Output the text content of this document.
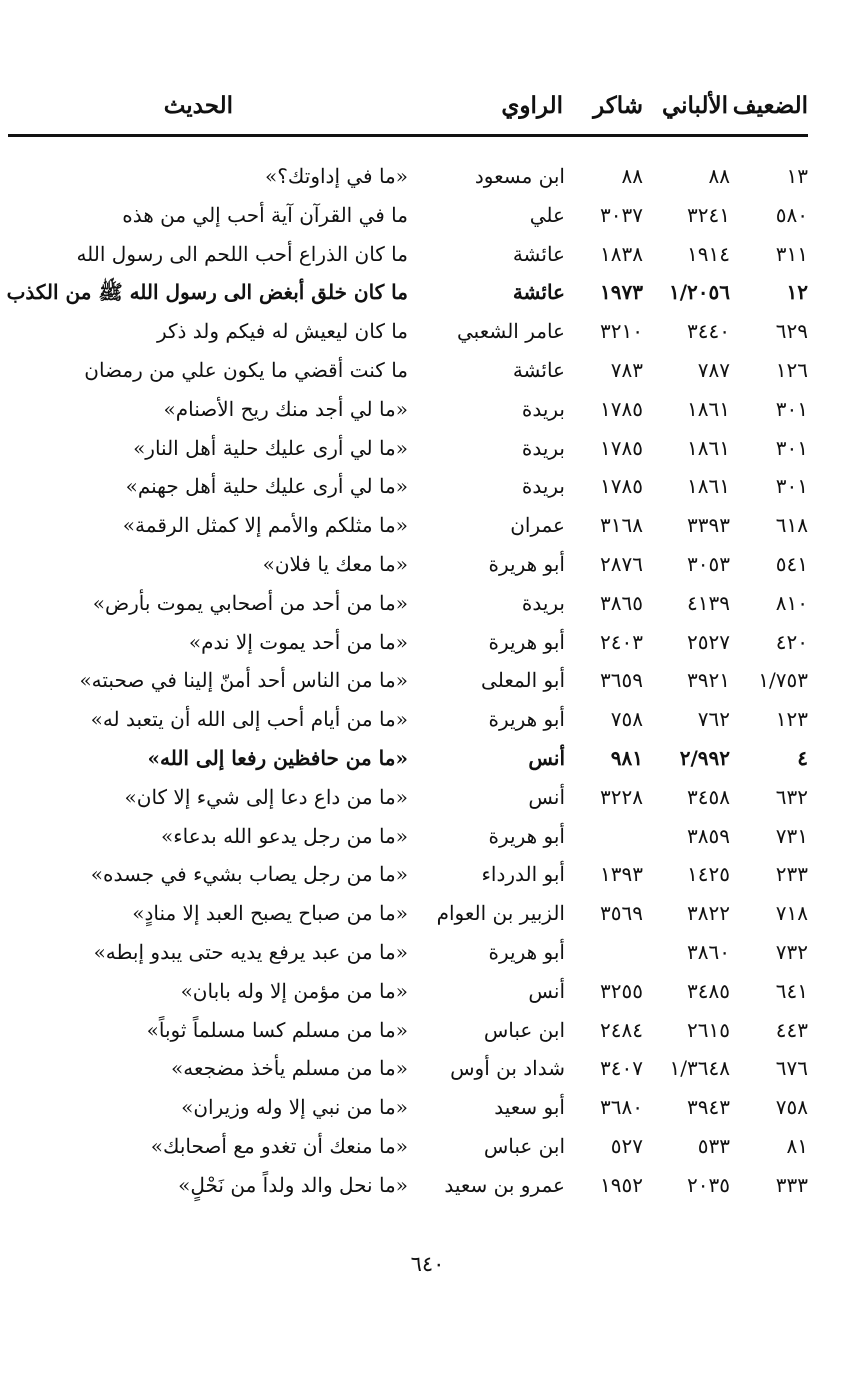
الضعيف
الألباني
شاكر
الراوي
الحديث
١٣
٨٨
٨٨
ابن مسعود
«ما في إداوتك؟»
٥٨٠
٣٢٤١
٣٠٣٧
علي
ما في القرآن آية أحب إلي من هذه
٣١١
١٩١٤
١٨٣٨
عائشة
ما كان الذراع أحب اللحم الى رسول الله
١٢
١/٢٠٥٦
١٩٧٣
عائشة
ما كان خلق أبغض الى رسول الله ﷺ من الكذب
٦٢٩
٣٤٤٠
٣٢١٠
عامر الشعبي
ما كان ليعيش له فيكم ولد ذكر
١٢٦
٧٨٧
٧٨٣
عائشة
ما كنت أقضي ما يكون علي من رمضان
٣٠١
١٨٦١
١٧٨٥
بريدة
«ما لي أجد منك ريح الأصنام»
٣٠١
١٨٦١
١٧٨٥
بريدة
«ما لي أرى عليك حلية أهل النار»
٣٠١
١٨٦١
١٧٨٥
بريدة
«ما لي أرى عليك حلية أهل جهنم»
٦١٨
٣٣٩٣
٣١٦٨
عمران
«ما مثلكم والأمم إلا كمثل الرقمة»
٥٤١
٣٠٥٣
٢٨٧٦
أبو هريرة
«ما معك يا فلان»
٨١٠
٤١٣٩
٣٨٦٥
بريدة
«ما من أحد من أصحابي يموت بأرض»
٤٢٠
٢٥٢٧
٢٤٠٣
أبو هريرة
«ما من أحد يموت إلا ندم»
١/٧٥٣
٣٩٢١
٣٦٥٩
أبو المعلى
«ما من الناس أحد أمنّ إلينا في صحبته»
١٢٣
٧٦٢
٧٥٨
أبو هريرة
«ما من أيام أحب إلى الله أن يتعبد له»
٤
٢/٩٩٢
٩٨١
أنس
«ما من حافظين رفعا إلى الله»
٦٣٢
٣٤٥٨
٣٢٢٨
أنس
«ما من داع دعا إلى شيء إلا كان»
٧٣١
٣٨٥٩
أبو هريرة
«ما من رجل يدعو الله بدعاء»
٢٣٣
١٤٢٥
١٣٩٣
أبو الدرداء
«ما من رجل يصاب بشيء في جسده»
٧١٨
٣٨٢٢
٣٥٦٩
الزبير بن العوام
«ما من صباح يصبح العبد إلا منادٍ»
٧٣٢
٣٨٦٠
أبو هريرة
«ما من عبد يرفع يديه حتى يبدو إبطه»
٦٤١
٣٤٨٥
٣٢٥٥
أنس
«ما من مؤمن إلا وله بابان»
٤٤٣
٢٦١٥
٢٤٨٤
ابن عباس
«ما من مسلم كسا مسلماً ثوباً»
٦٧٦
١/٣٦٤٨
٣٤٠٧
شداد بن أوس
«ما من مسلم يأخذ مضجعه»
٧٥٨
٣٩٤٣
٣٦٨٠
أبو سعيد
«ما من نبي إلا وله وزيران»
٨١
٥٣٣
٥٢٧
ابن عباس
«ما منعك أن تغدو مع أصحابك»
٣٣٣
٢٠٣٥
١٩٥٢
عمرو بن سعيد
«ما نحل والد ولداً من نَحْلٍ»
٦٤٠
